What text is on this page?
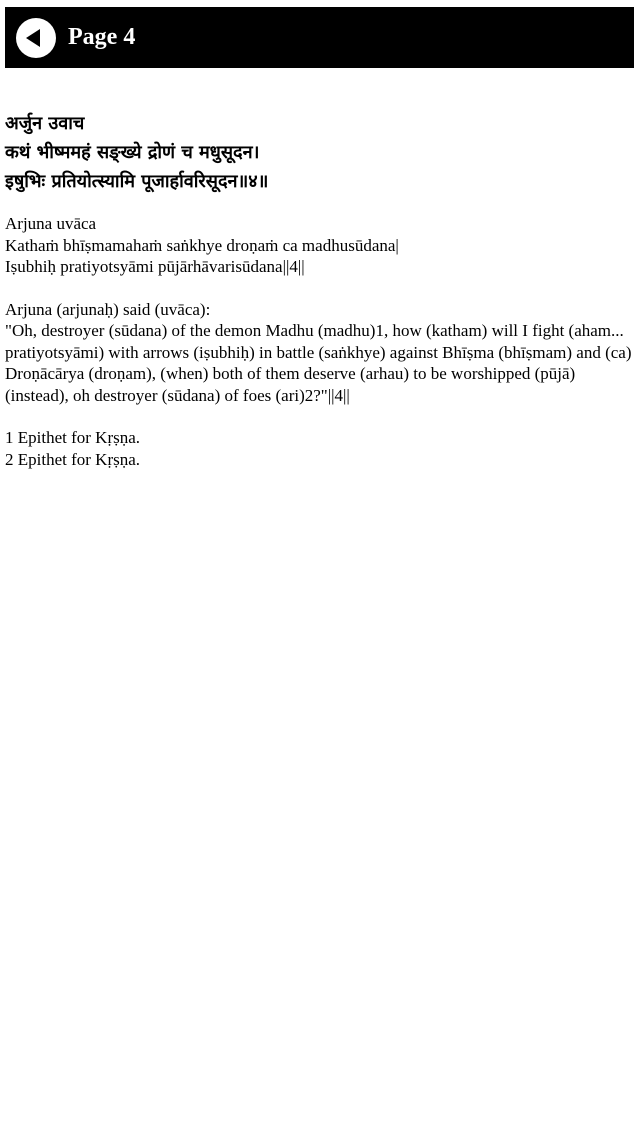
Page 4
अर्जुन उवाच
कथं भीष्ममहं सङ्ख्ये द्रोणं च मधुसूदन।
इषुभिः प्रतियोत्स्यामि पूजार्हावरिसूदन॥४॥
Arjuna uvāca
Kathaṁ bhīṣmamahaṁ saṅkhye droṇaṁ ca madhusūdana|
Iṣubhiḥ pratiyotsyāmi pūjārhāvarisūdana||4||
Arjuna (arjunaḥ) said (uvāca):
"Oh, destroyer (sūdana) of the demon Madhu (madhu)1, how (katham) will I fight (aham... pratiyotsyāmi) with arrows (iṣubhiḥ) in battle (saṅkhye) against Bhīṣma (bhīṣmam) and (ca) Droṇācārya (droṇam), (when) both of them deserve (arhau) to be worshipped (pūjā) (instead), oh destroyer (sūdana) of foes (ari)2?"||4||
1 Epithet for Kṛṣṇa.
2 Epithet for Kṛṣṇa.
